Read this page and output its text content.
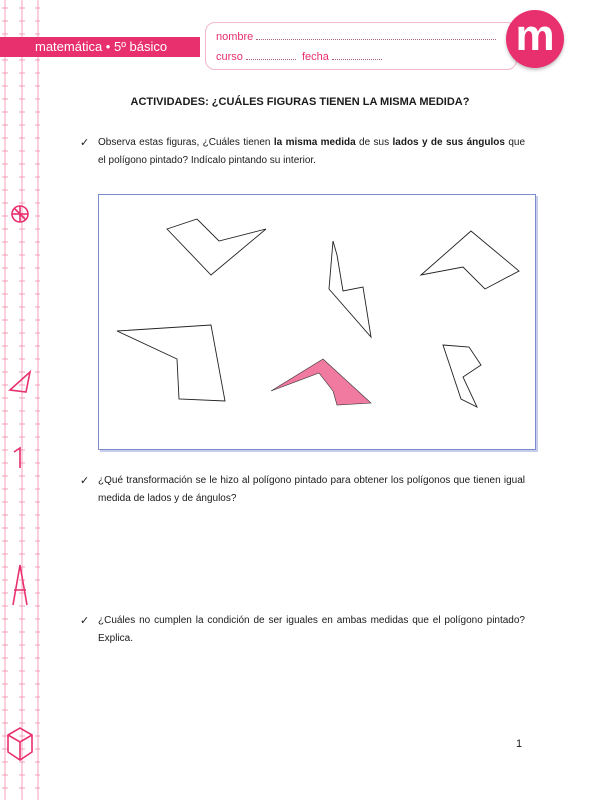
matemática • 5º básico
nombre
curso	fecha	m
ACTIVIDADES: ¿CUÁLES FIGURAS TIENEN LA MISMA MEDIDA?
✓ Observa estas figuras, ¿Cuáles tienen la misma medida de sus lados y de sus ángulos que el polígono pintado? Indícalo pintando su interior.
✓ ¿Qué transformación se le hizo al polígono pintado para obtener los polígonos que tienen igual medida de lados y de ángulos?
✓ ¿Cuáles no cumplen la condición de ser iguales en ambas medidas que el polígono pintado? Explica.
1
